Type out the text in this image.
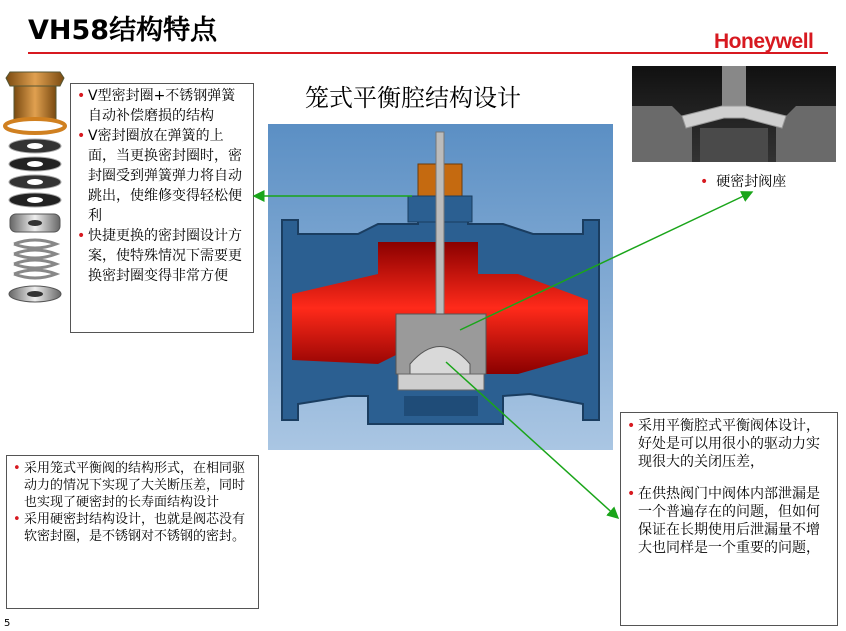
VH58结构特点	Honeywell
笼式平衡腔结构设计
• V型密封圈+不锈钢弹簧自动补偿磨损的结构
• V密封圈放在弹簧的上面，当更换密封圈时，密封圈受到弹簧弹力将自动跳出，使维修变得轻松便利
• 快捷更换的密封圈设计方案，使特殊情况下需要更换密封圈变得非常方便
• 硬密封阀座
• 采用笼式平衡阀的结构形式，在相同驱动力的情况下实现了大关断压差，同时也实现了硬密封的长寿面结构设计
• 采用硬密封结构设计，也就是阀芯没有软密封圈，是不锈钢对不锈钢的密封。
• 采用平衡腔式平衡阀体设计，好处是可以用很小的驱动力实现很大的关闭压差，
• 在供热阀门中阀体内部泄漏是一个普遍存在的问题，但如何保证在长期使用后泄漏量不增大也同样是一个重要的问题，
5
